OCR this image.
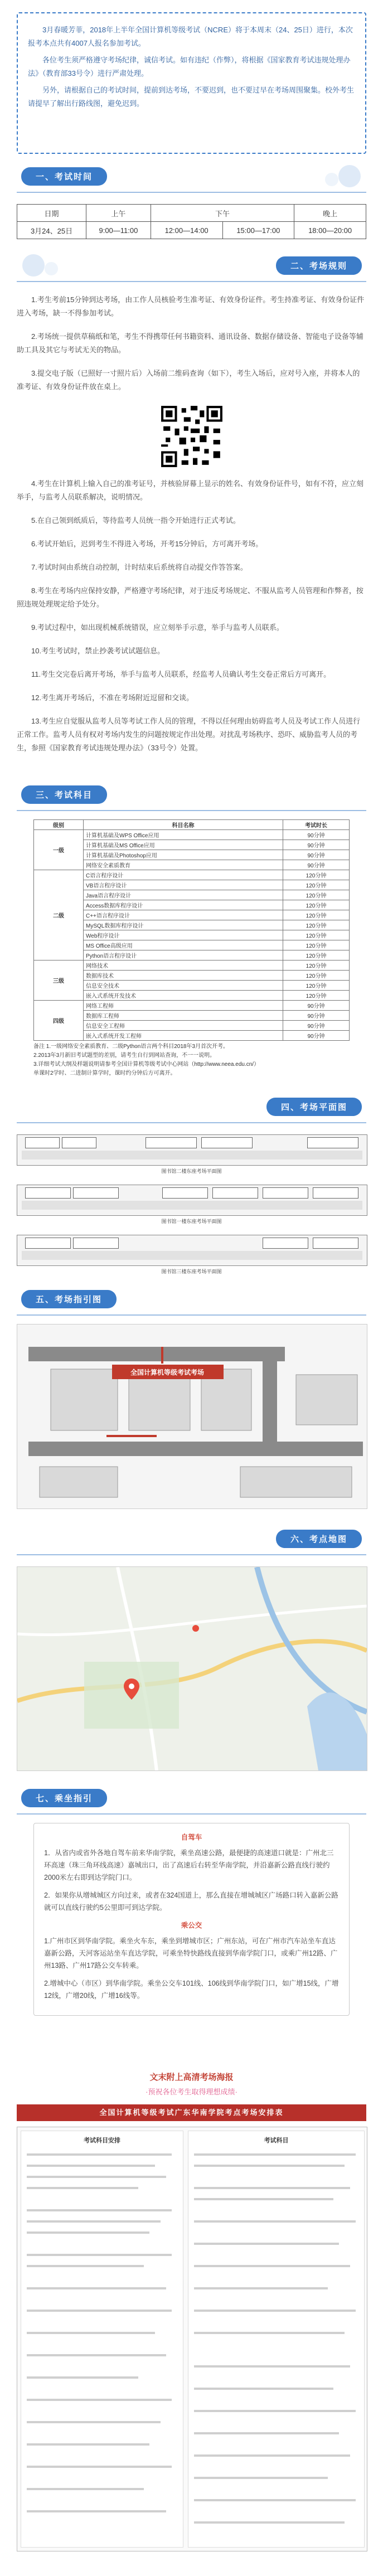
3月春暖芳菲，2018年上半年全国计算机等级考试（NCRE）将于本周末（24、25日）进行，本次报考本点共有4007人报名参加考试。

各位考生须严格遵守考场纪律，诚信考试。如有违纪（作弊），将根据《国家教育考试违规处理办法》（教育部33号令）进行严肃处理。

另外，请根据自己的考试时间，提前到达考场，不要迟到，也不要过早在考场周围聚集。校外考生请提早了解出行路线图，避免迟到。

一、考试时间
日期	上午	下午		晚上
3月24、25日	9:00—11:00	12:00—14:00	15:00—17:00	18:00—20:00
二、考场规则

1.考生考前15分钟到达考场，由工作人员核验考生准考证、有效身份证件。考生持准考证、有效身份证件进入考场，缺一不得参加考试。

2.考场统一提供草稿纸和笔，考生不得携带任何书籍资料、通讯设备、数据存储设备、智能电子设备等辅助工具及其它与考试无关的物品。

3.提交电子版（已照好一寸照片后）入场前二维码查询（如下），考生入场后，应对号入座，并将本人的准考证、有效身份证件放在桌上。

4.考生在计算机上输入自己的准考证号，并核验屏幕上显示的姓名、有效身份证件号，如有不符，应立刻举手，与监考人员联系解决，说明情况。

5.在自己领到纸质后，等待监考人员统一指令开始进行正式考试。

6.考试开始后，迟到考生不得进入考场，开考15分钟后，方可离开考场。

7.考试时间由系统自动控制，计时结束后系统将自动提交作答答案。

8.考生在考场内应保持安静，严格遵守考场纪律，对于违反考场规定、不服从监考人员管理和作弊者，按照违规处理规定给予处分。

9.考试过程中，如出现机械系统错误，应立刻举手示意，举手与监考人员联系。

10.考生考试时，禁止抄袭考试试题信息。

11.考生交完卷后离开考场，举手与监考人员联系，经监考人员确认考生交卷正常后方可离开。

12.考生离开考场后，不准在考场附近逗留和交谈。

13.考生应自觉服从监考人员等考试工作人员的管理，不得以任何理由妨碍监考人员及考试工作人员进行正常工作。监考人员有权对考场内发生的问题按规定作出处理。对扰乱考场秩序、恐吓、威胁监考人员的考生，参照《国家教育考试违规处理办法》（33号令）处置。

三、考试科目
级别	科目名称	考试时长
一级	计算机基础及WPS Office应用	90分钟
	计算机基础及MS Office应用	90分钟
	计算机基础及Photoshop应用	90分钟
	网络安全素质教育	90分钟
二级	C语言程序设计	120分钟
	VB语言程序设计	120分钟
	Java语言程序设计	120分钟
	Access数据库程序设计	120分钟
	C++语言程序设计	120分钟
	MySQL数据库程序设计	120分钟
	Web程序设计	120分钟
	MS Office高级应用	120分钟
	Python语言程序设计	120分钟
三级	网络技术	120分钟
	数据库技术	120分钟
	信息安全技术	120分钟
	嵌入式系统开发技术	120分钟
四级	网络工程师	90分钟
	数据库工程师	90分钟
	信息安全工程师	90分钟
	嵌入式系统开发工程师	90分钟
备注 1.一级网络安全素质教育、二级Python语言两个科目2018年3月首次开考。
2.2013年3月新旧考试题型的差别，请考生自行到网站查询，不一一说明。
3.详细考试大纲及样题说明请参考全国计算机等级考试中心网站（http://www.neea.edu.cn/）
单课时2学时、二进制计算学时，课时约分钟后方可离开。
四、考场平面图
图书馆二楼东座考场平面图
图书馆一楼东座考场平面图
图书馆三楼东座考场平面图
五、考场指引图
全国计算机等级考试考场
六、考点地图
七、乘坐指引
自驾车

1．从省内或省外各地自驾车前来华南学院，乘坐高速公路，最便捷的高速道口就是：广州北三环高速（珠三角环线高速）嘉城出口，出了高速后右转至华南学院，并沿嘉新公路直线行驶约2000米左右即到达学院门口。

2．如果你从增城城区方向过来，或者在324国道上，那么直接在增城城区广场路口转入嘉新公路就可以直线行驶约5公里即可到达学院。

乘公交

1.广州市区到华南学院。乘坐火车东，乘坐到增城市区；广州东站，可在广州市汽车站坐车直达嘉新公路，天河客运站坐车直达学院，可乘坐特快路线直接到华南学院门口，或乘广州12路、广州13路、广州17路公交车转乘。

2.增城中心（市区）到华南学院。乘坐公交车101线、106线到华南学院门口，如广增15线，广增12线，广增20线，广增16线等。

文末附上高清考场海报
·预祝各位考生取得理想成绩·
全国计算机等级考试广东华南学院考点考场安排表
考试科目安排	考试科目
